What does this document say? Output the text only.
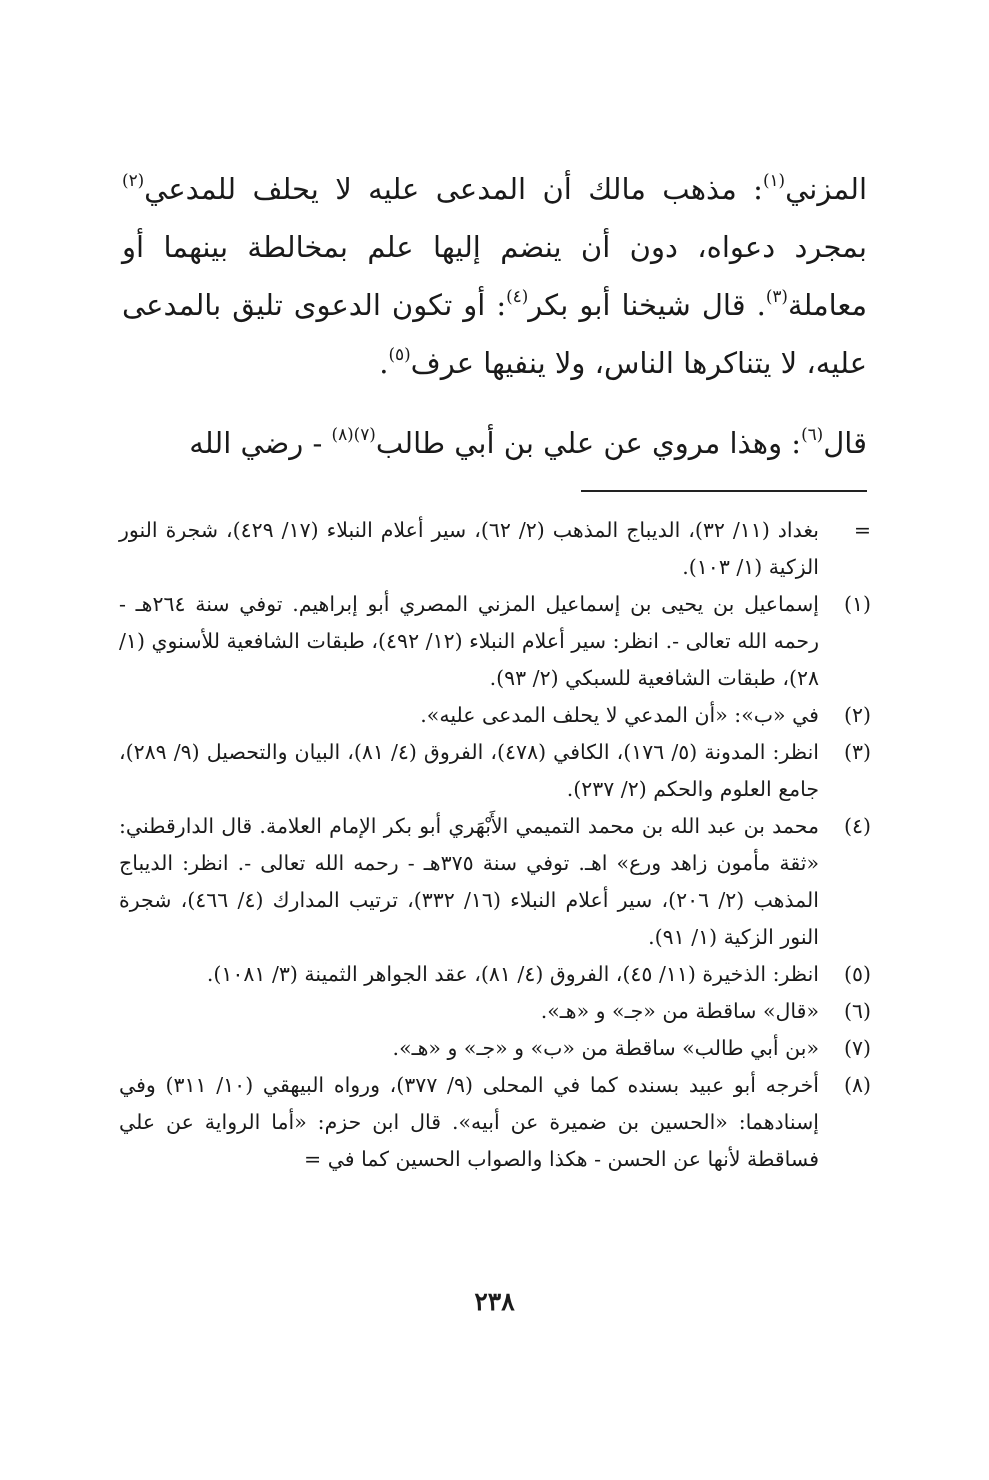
المزني$^{(١)}$: مذهب مالك أن المدعى عليه لا يحلف للمدعي$^{(٢)}$ بمجرد دعواه، دون أن ينضم إليها علم بمخالطة بينهما أو معاملة$^{(٣)}$. قال شيخنا أبو بكر$^{(٤)}$: أو تكون الدعوى تليق بالمدعى عليه، لا يتناكرها الناس، ولا ينفيها عرف$^{(٥)}$.

قال$^{(٦)}$: وهذا مروي عن علي بن أبي طالب$^{(٧)(٨)}$ - رضي الله

=
بغداد (١١/ ٣٢)، الديباج المذهب (٢/ ٦٢)، سير أعلام النبلاء (١٧/ ٤٢٩)، شجرة النور الزكية (١/ ١٠٣).
(١)
إسماعيل بن يحيى بن إسماعيل المزني المصري أبو إبراهيم. توفي سنة ٢٦٤هـ - رحمه الله تعالى -. انظر: سير أعلام النبلاء (١٢/ ٤٩٢)، طبقات الشافعية للأسنوي (١/ ٢٨)، طبقات الشافعية للسبكي (٢/ ٩٣).
(٢)
في «ب»: «أن المدعي لا يحلف المدعى عليه».
(٣)
انظر: المدونة (٥/ ١٧٦)، الكافي (٤٧٨)، الفروق (٤/ ٨١)، البيان والتحصيل (٩/ ٢٨٩)، جامع العلوم والحكم (٢/ ٢٣٧).
(٤)
محمد بن عبد الله بن محمد التميمي الأَبْهَري أبو بكر الإمام العلامة. قال الدارقطني: «ثقة مأمون زاهد ورع» اهـ. توفي سنة ٣٧٥هـ - رحمه الله تعالى -. انظر: الديباج المذهب (٢/ ٢٠٦)، سير أعلام النبلاء (١٦/ ٣٣٢)، ترتيب المدارك (٤/ ٤٦٦)، شجرة النور الزكية (١/ ٩١).
(٥)
انظر: الذخيرة (١١/ ٤٥)، الفروق (٤/ ٨١)، عقد الجواهر الثمينة (٣/ ١٠٨١).
(٦)
«قال» ساقطة من «جـ» و «هـ».
(٧)
«بن أبي طالب» ساقطة من «ب» و «جـ» و «هـ».
(٨)
أخرجه أبو عبيد بسنده كما في المحلى (٩/ ٣٧٧)، ورواه البيهقي (١٠/ ٣١١) وفي إسنادهما: «الحسين بن ضميرة عن أبيه». قال ابن حزم: «أما الرواية عن علي فساقطة لأنها عن الحسن - هكذا والصواب الحسين كما في =
٢٣٨
